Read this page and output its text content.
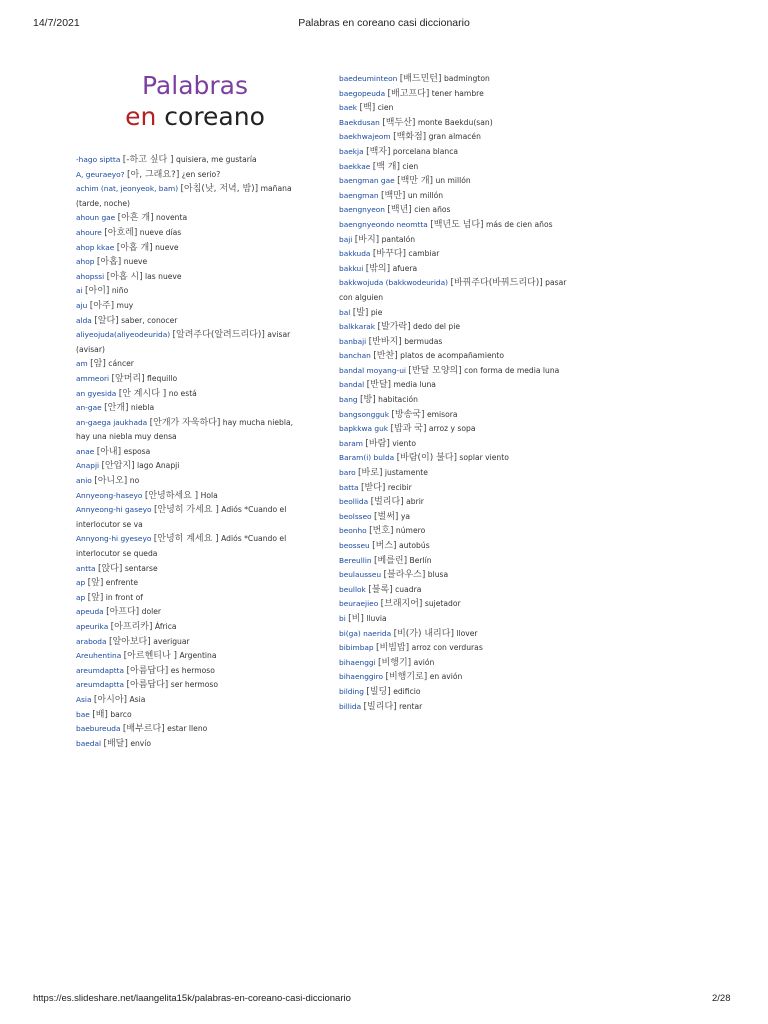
14/7/2021	Palabras en coreano casi diccionario
Palabras
en coreano
-hago siptta [-하고 싶다 ] quisiera, me gustaría
A, geuraeyo? [아, 그래요?] ¿en serio?
achim (nat, jeonyeok, bam) [아침(낮, 저녁, 밤)] mañana (tarde, noche)
ahoun gae [아흔 개] noventa
ahoure [아흐레] nueve días
ahop kkae [아홉 개] nueve
ahop [아홉] nueve
ahopssi [아홉 시] las nueve
ai [아이] niño
aju [아주] muy
alda [알다] saber, conocer
aliyeojuda(aliyeodeurida) [알려주다(알려드리다)] avisar (avisar)
am [암] cáncer
ammeori [앞머리] flequillo
an gyesida [안 계시다 ] no está
an-gae [안개] niebla
an-gaega jaukhada [안개가 자욱하다] hay mucha niebla, hay una niebla muy densa
anae [아내] esposa
Anapji [안압지] lago Anapji
anio [아니오] no
Annyeong-haseyo [안녕하세요 ] Hola
Annyeong-hi gaseyo [안녕히 가세요 ] Adiós *Cuando el interlocutor se va
Annyong-hi gyeseyo [안녕히 계세요 ] Adiós *Cuando el interlocutor se queda
antta [앉다] sentarse
ap [앞] enfrente
ap [앞] in front of
apeuda [아프다] doler
apeurika [아프리카] África
araboda [알아보다] averiguar
Areuhentina [아르헨티나 ] Argentina
areumdaptta [아름답다] es hermoso
areumdaptta [아름답다] ser hermoso
Asia [아시아] Asia
bae [배] barco
baebureuda [배부르다] estar lleno
baedal [배달] envío
baedeuminteon [배드민턴] badmington
baegopeuda [배고프다] tener hambre
baek [백] cien
Baekdusan [백두산] monte Baekdu(san)
baekhwajeom [백화점] gran almacén
baekja [백자] porcelana blanca
baekkae [백 개] cien
baengman gae [백만 개] un millón
baengman [백만] un millón
baengnyeon [백년] cien años
baengnyeondo neomtta [백년도 넘다] más de cien años
baji [바지] pantalón
bakkuda [바꾸다] cambiar
bakkui [밖의] afuera
bakkwojuda (bakkwodeurida) [바꿔주다(바꿔드리다)] pasar con alguien
bal [발] pie
balkkarak [발가락] dedo del pie
banbaji [반바지] bermudas
banchan [반찬] platos de acompañamiento
bandal moyang-ui [반달 모양의] con forma de media luna
bandal [반달] media luna
bang [방] habitación
bangsongguk [방송국] emisora
bapkkwa guk [밥과 국] arroz y sopa
baram [바람] viento
Baram(i) bulda [바람(이) 불다] soplar viento
baro [바로] justamente
batta [받다] recibir
beollida [벌리다] abrir
beolsseo [벌써] ya
beonho [번호] número
beosseu [버스] autobús
Bereullin [베를린] Berlín
beulausseu [블라우스] blusa
beullok [블록] cuadra
beuraejieo [브래지어] sujetador
bi [비] lluvia
bi(ga) naerida [비(가) 내리다] llover
bibimbap [비빔밥] arroz con verduras
bihaenggi [비행기] avión
bihaenggiro [비행기로] en avión
bilding [빌딩] edificio
billida [빌리다] rentar
https://es.slideshare.net/laangelita15k/palabras-en-coreano-casi-diccionario	2/28
